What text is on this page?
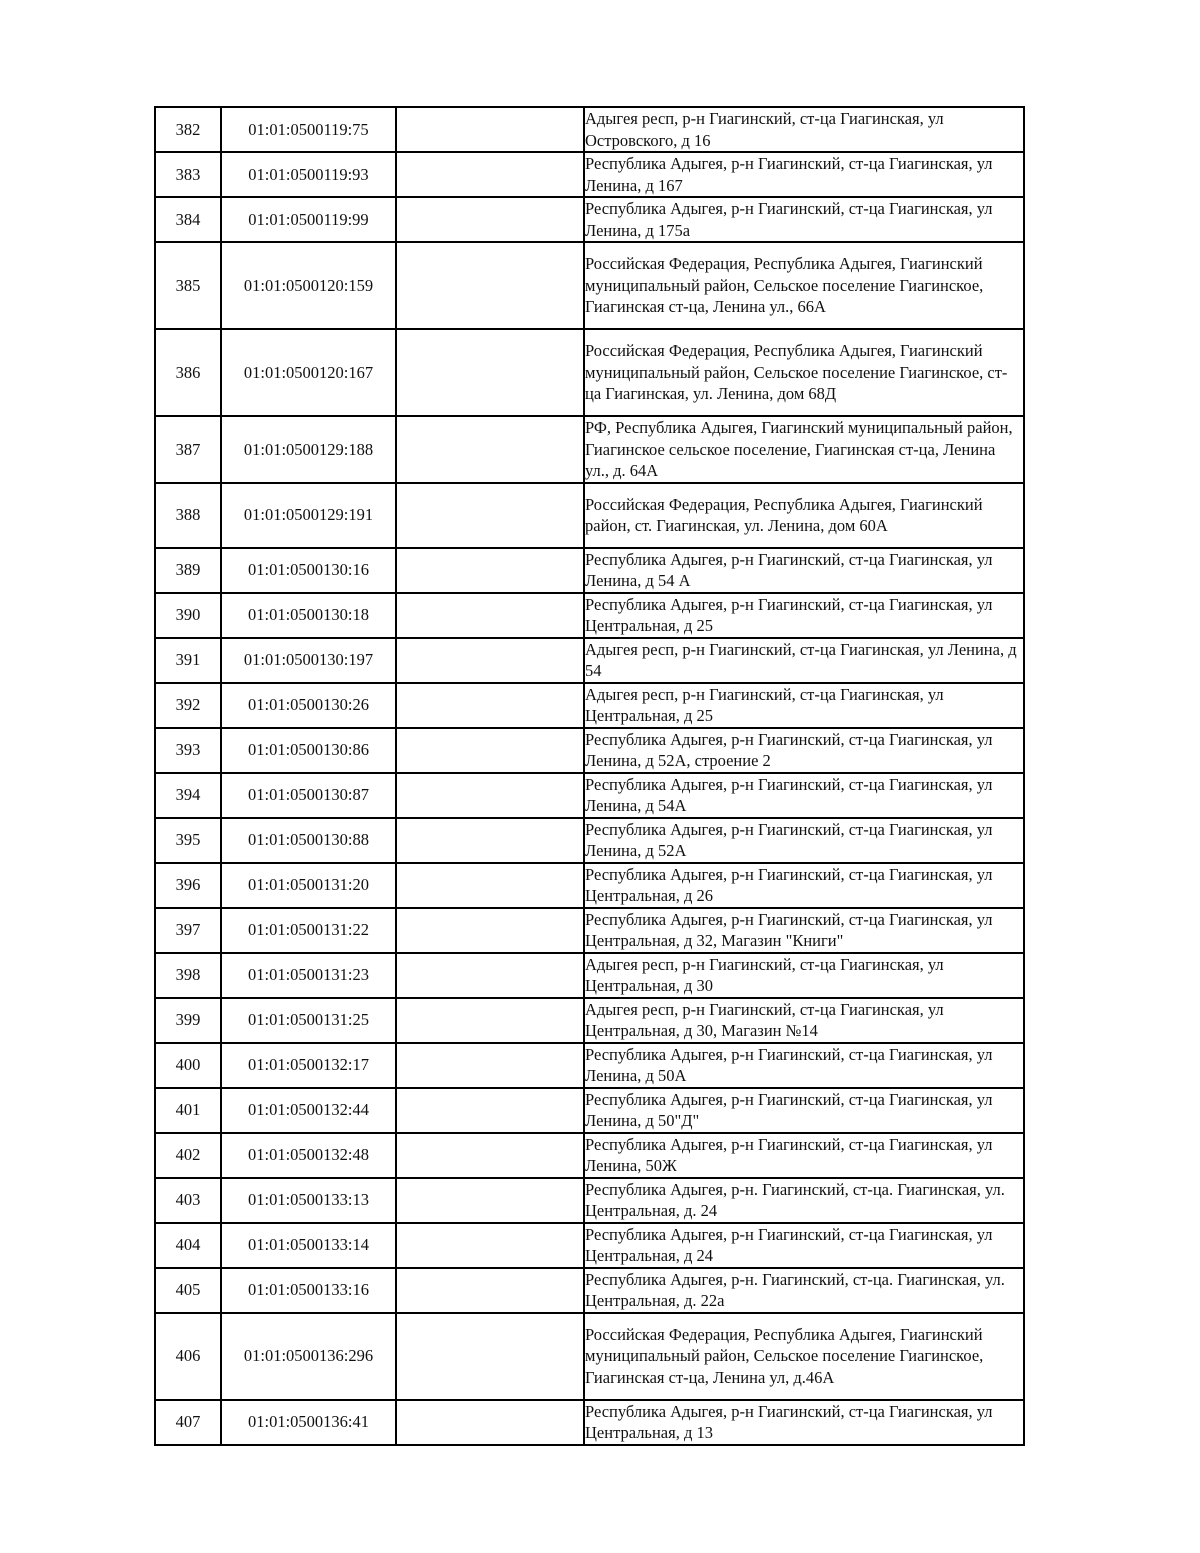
382	01:01:0500119:75		Адыгея респ, р-н Гиагинский, ст-ца Гиагинская, ул Островского, д 16
383	01:01:0500119:93		Республика Адыгея, р-н Гиагинский, ст-ца Гиагинская, ул Ленина, д 167
384	01:01:0500119:99		Республика Адыгея, р-н Гиагинский, ст-ца Гиагинская, ул Ленина, д 175а
385	01:01:0500120:159		Российская Федерация, Республика Адыгея, Гиагинский муниципальный район, Сельское поселение Гиагинское, Гиагинская ст-ца, Ленина ул., 66А
386	01:01:0500120:167		Российская Федерация, Республика Адыгея, Гиагинский муниципальный район, Сельское поселение Гиагинское, ст-ца Гиагинская, ул. Ленина, дом 68Д
387	01:01:0500129:188		РФ, Республика Адыгея, Гиагинский муниципальный район, Гиагинское сельское поселение, Гиагинская ст-ца, Ленина ул., д. 64А
388	01:01:0500129:191		Российская Федерация, Республика Адыгея, Гиагинский район, ст. Гиагинская, ул. Ленина, дом 60А
389	01:01:0500130:16		Республика Адыгея, р-н Гиагинский, ст-ца Гиагинская, ул Ленина, д 54 А
390	01:01:0500130:18		Республика Адыгея, р-н Гиагинский, ст-ца Гиагинская, ул Центральная, д 25
391	01:01:0500130:197		Адыгея респ, р-н Гиагинский, ст-ца Гиагинская, ул Ленина, д 54
392	01:01:0500130:26		Адыгея респ, р-н Гиагинский, ст-ца Гиагинская, ул Центральная, д 25
393	01:01:0500130:86		Республика Адыгея, р-н Гиагинский, ст-ца Гиагинская, ул Ленина, д 52А, строение 2
394	01:01:0500130:87		Республика Адыгея, р-н Гиагинский, ст-ца Гиагинская, ул Ленина, д 54А
395	01:01:0500130:88		Республика Адыгея, р-н Гиагинский, ст-ца Гиагинская, ул Ленина, д 52А
396	01:01:0500131:20		Республика Адыгея, р-н Гиагинский, ст-ца Гиагинская, ул Центральная, д 26
397	01:01:0500131:22		Республика Адыгея, р-н Гиагинский, ст-ца Гиагинская, ул Центральная, д 32, Магазин "Книги"
398	01:01:0500131:23		Адыгея респ, р-н Гиагинский, ст-ца Гиагинская, ул Центральная, д 30
399	01:01:0500131:25		Адыгея респ, р-н Гиагинский, ст-ца Гиагинская, ул Центральная, д 30, Магазин №14
400	01:01:0500132:17		Республика Адыгея, р-н Гиагинский, ст-ца Гиагинская, ул Ленина, д 50А
401	01:01:0500132:44		Республика Адыгея, р-н Гиагинский, ст-ца Гиагинская, ул Ленина, д 50"Д"
402	01:01:0500132:48		Республика Адыгея, р-н Гиагинский, ст-ца Гиагинская, ул Ленина, 50Ж
403	01:01:0500133:13		Республика Адыгея, р-н. Гиагинский, ст-ца. Гиагинская, ул. Центральная, д. 24
404	01:01:0500133:14		Республика Адыгея, р-н Гиагинский, ст-ца Гиагинская, ул Центральная, д 24
405	01:01:0500133:16		Республика Адыгея, р-н. Гиагинский, ст-ца. Гиагинская, ул. Центральная, д. 22а
406	01:01:0500136:296		Российская Федерация, Республика Адыгея, Гиагинский муниципальный район, Сельское поселение Гиагинское, Гиагинская ст-ца, Ленина ул, д.46А
407	01:01:0500136:41		Республика Адыгея, р-н Гиагинский, ст-ца Гиагинская, ул Центральная, д 13
